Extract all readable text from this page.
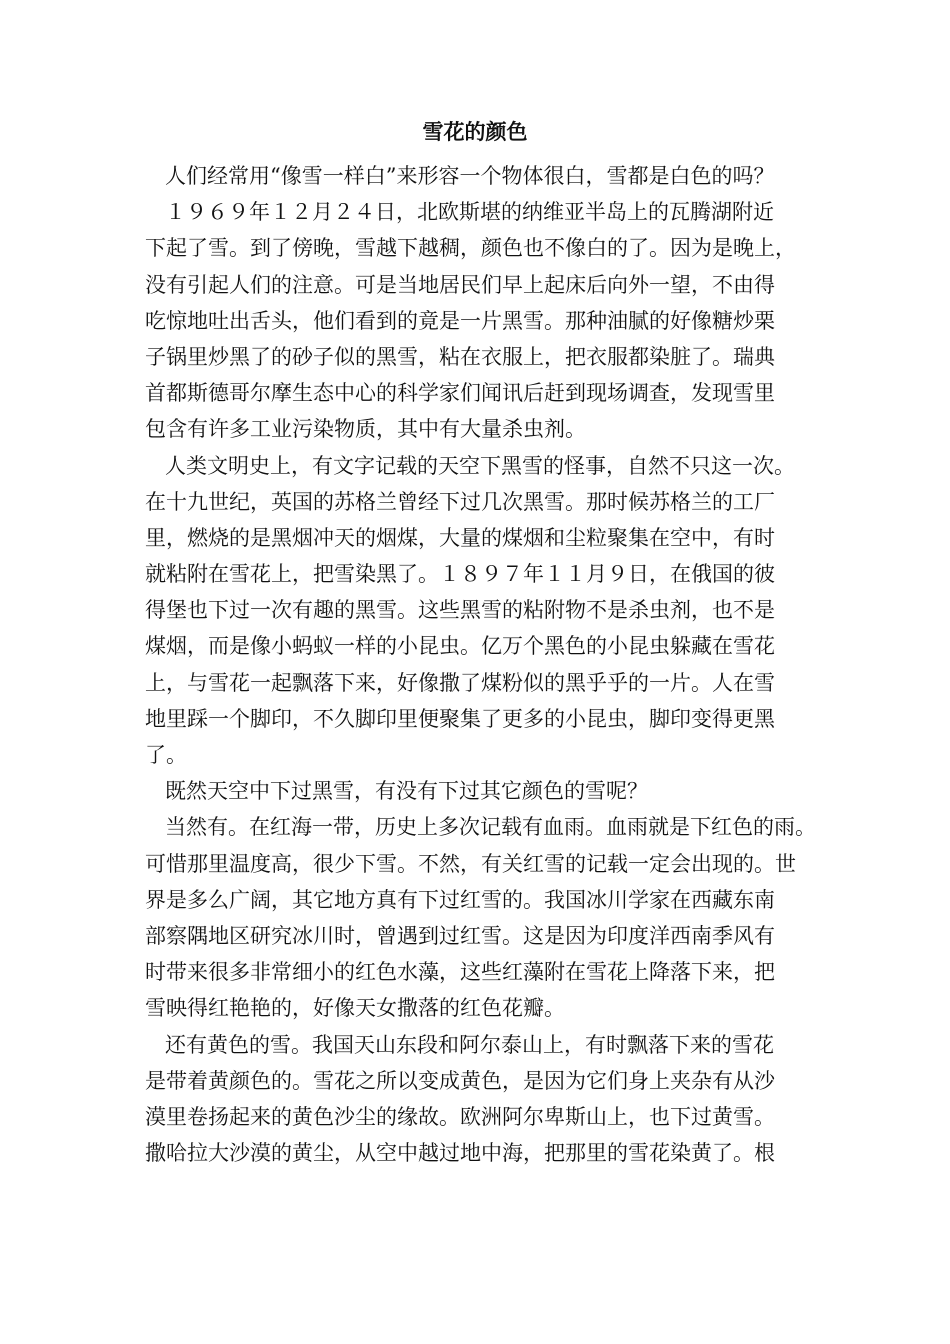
雪花的颜色
人们经常用“像雪一样白”来形容一个物体很白，雪都是白色的吗？
１９６９年１２月２４日，北欧斯堪的纳维亚半岛上的瓦腾湖附近
下起了雪。到了傍晚，雪越下越稠，颜色也不像白的了。因为是晚上，
没有引起人们的注意。可是当地居民们早上起床后向外一望，不由得
吃惊地吐出舌头，他们看到的竟是一片黑雪。那种油腻的好像糖炒栗
子锅里炒黑了的砂子似的黑雪，粘在衣服上，把衣服都染脏了。瑞典
首都斯德哥尔摩生态中心的科学家们闻讯后赶到现场调查，发现雪里
包含有许多工业污染物质，其中有大量杀虫剂。
人类文明史上，有文字记载的天空下黑雪的怪事，自然不只这一次。
在十九世纪，英国的苏格兰曾经下过几次黑雪。那时候苏格兰的工厂
里，燃烧的是黑烟冲天的烟煤，大量的煤烟和尘粒聚集在空中，有时
就粘附在雪花上，把雪染黑了。１８９７年１１月９日，在俄国的彼
得堡也下过一次有趣的黑雪。这些黑雪的粘附物不是杀虫剂，也不是
煤烟，而是像小蚂蚁一样的小昆虫。亿万个黑色的小昆虫躲藏在雪花
上，与雪花一起飘落下来，好像撒了煤粉似的黑乎乎的一片。人在雪
地里踩一个脚印，不久脚印里便聚集了更多的小昆虫，脚印变得更黑
了。
既然天空中下过黑雪，有没有下过其它颜色的雪呢？
当然有。在红海一带，历史上多次记载有血雨。血雨就是下红色的雨。
可惜那里温度高，很少下雪。不然，有关红雪的记载一定会出现的。世
界是多么广阔，其它地方真有下过红雪的。我国冰川学家在西藏东南
部察隅地区研究冰川时，曾遇到过红雪。这是因为印度洋西南季风有
时带来很多非常细小的红色水藻，这些红藻附在雪花上降落下来，把
雪映得红艳艳的，好像天女撒落的红色花瓣。
还有黄色的雪。我国天山东段和阿尔泰山上，有时飘落下来的雪花
是带着黄颜色的。雪花之所以变成黄色，是因为它们身上夹杂有从沙
漠里卷扬起来的黄色沙尘的缘故。欧洲阿尔卑斯山上，也下过黄雪。
撒哈拉大沙漠的黄尘，从空中越过地中海，把那里的雪花染黄了。根
